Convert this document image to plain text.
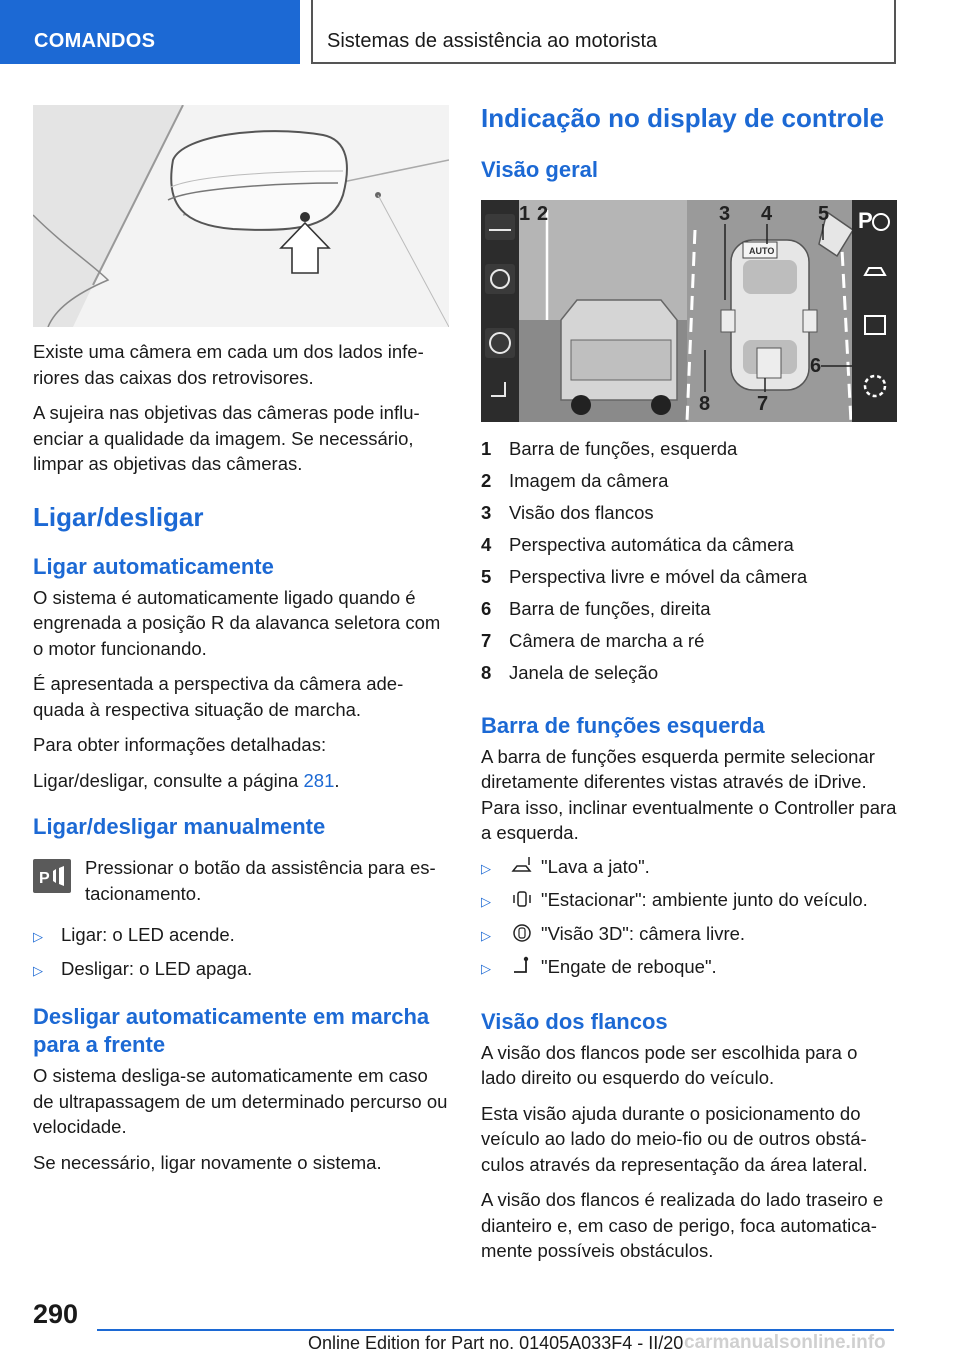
COMANDOS	Sistemas de assistência ao motorista

Existe uma câmera em cada um dos lados infe- riores das caixas dos retrovisores.

A sujeira nas objetivas das câmeras pode influ- enciar a qualidade da imagem. Se necessário, limpar as objetivas das câmeras.

Ligar/desligar
Ligar automaticamente

O sistema é automaticamente ligado quando é engrenada a posição R da alavanca seletora com o motor funcionando.

É apresentada a perspectiva da câmera ade- quada à respectiva situação de marcha.

Para obter informações detalhadas:

Ligar/desligar, consulte a página 281.

Ligar/desligar manualmente
P

Pressionar o botão da assistência para es- tacionamento.

▷ Ligar: o LED acende.
▷ Desligar: o LED apaga.
Desligar automaticamente em marcha para a frente

O sistema desliga-se automaticamente em caso de ultrapassagem de um determinado percurso ou velocidade.

Se necessário, ligar novamente o sistema.

Indicação no display de controle
Visão geral
AUTO
P
1 2	3 4 5
6
7
8
1 Barra de funções, esquerda
2 Imagem da câmera
3 Visão dos flancos
4 Perspectiva automática da câmera
5 Perspectiva livre e móvel da câmera
6 Barra de funções, direita
7 Câmera de marcha a ré
8 Janela de seleção
Barra de funções esquerda

A barra de funções esquerda permite selecionar diretamente diferentes vistas através de iDrive. Para isso, inclinar eventualmente o Controller para a esquerda.

▷	"Lava a jato".
▷	"Estacionar": ambiente junto do veículo.
▷	"Visão 3D": câmera livre.
▷	"Engate de reboque".
Visão dos flancos

A visão dos flancos pode ser escolhida para o lado direito ou esquerdo do veículo.

Esta visão ajuda durante o posicionamento do veículo ao lado do meio-fio ou de outros obstá- culos através da representação da área lateral.

A visão dos flancos é realizada do lado traseiro e dianteiro e, em caso de perigo, foca automatica- mente possíveis obstáculos.

290
Online Edition for Part no. 01405A033F4 - II/20 carmanualsonline.info
